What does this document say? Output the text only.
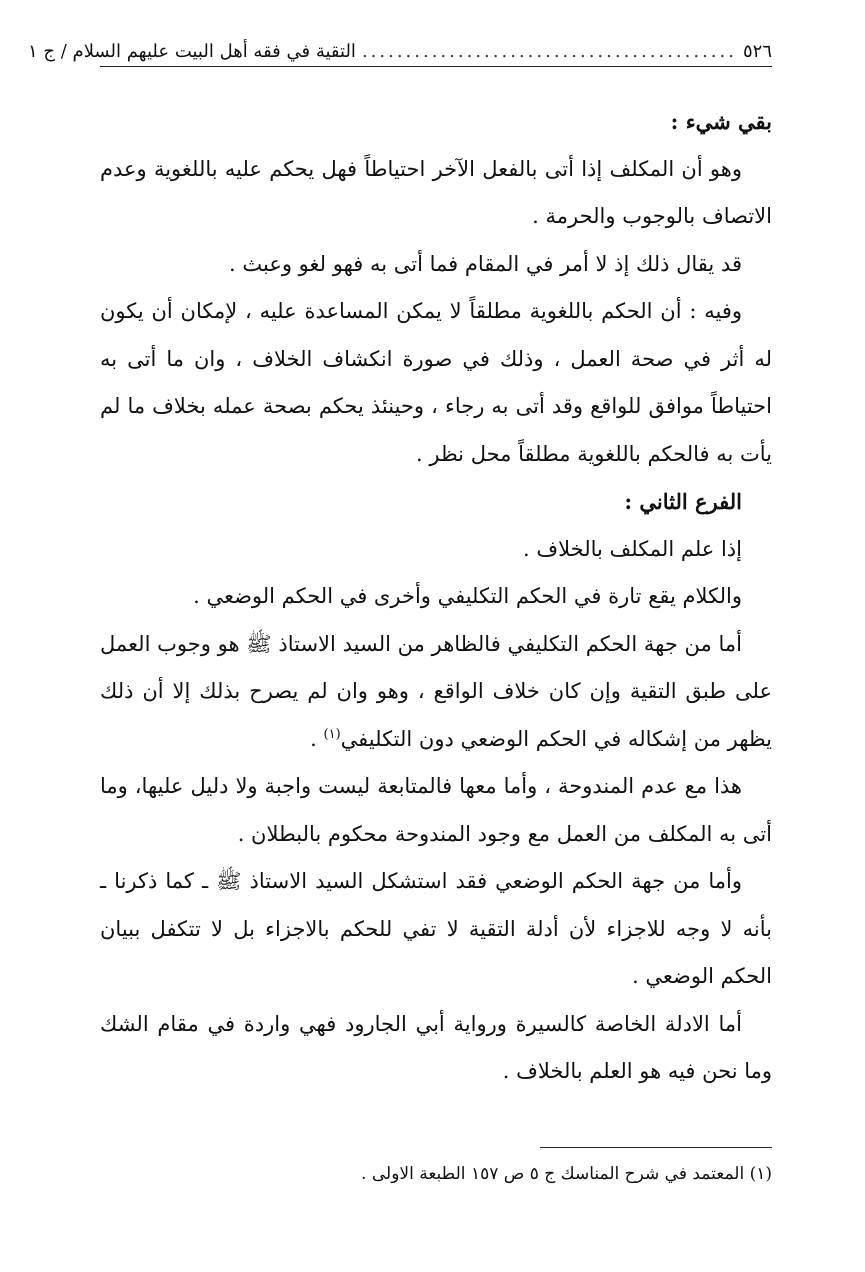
٥٢٦
...........................................
التقية في فقه أهل البيت عليهم السلام / ج ١

بقي شيء :

وهو أن المكلف إذا أتى بالفعل الآخر احتياطاً فهل يحكم عليه باللغوية وعدم الاتصاف بالوجوب والحرمة .

قد يقال ذلك إذ لا أمر في المقام فما أتى به فهو لغو وعبث .

وفيه : أن الحكم باللغوية مطلقاً لا يمكن المساعدة عليه ، لإمكان أن يكون له أثر في صحة العمل ، وذلك في صورة انكشاف الخلاف ، وان ما أتى به احتياطاً موافق للواقع وقد أتى به رجاء ، وحينئذ يحكم بصحة عمله بخلاف ما لم يأت به فالحكم باللغوية مطلقاً محل نظر .

الفرع الثاني :

إذا علم المكلف بالخلاف .

والكلام يقع تارة في الحكم التكليفي وأخرى في الحكم الوضعي .

أما من جهة الحكم التكليفي فالظاهر من السيد الاستاذ ﷺ هو وجوب العمل على طبق التقية وإن كان خلاف الواقع ، وهو وان لم يصرح بذلك إلا أن ذلك يظهر من إشكاله في الحكم الوضعي دون التكليفي$^{(١)}$ .

هذا مع عدم المندوحة ، وأما معها فالمتابعة ليست واجبة ولا دليل عليها، وما أتى به المكلف من العمل مع وجود المندوحة محكوم بالبطلان .

وأما من جهة الحكم الوضعي فقد استشكل السيد الاستاذ ﷺ ـ كما ذكرنا ـ بأنه لا وجه للاجزاء لأن أدلة التقية لا تفي للحكم بالاجزاء بل لا تتكفل ببيان الحكم الوضعي .

أما الادلة الخاصة كالسيرة ورواية أبي الجارود فهي واردة في مقام الشك وما نحن فيه هو العلم بالخلاف .

(١) المعتمد في شرح المناسك ج ٥ ص ١٥٧ الطبعة الاولى .
